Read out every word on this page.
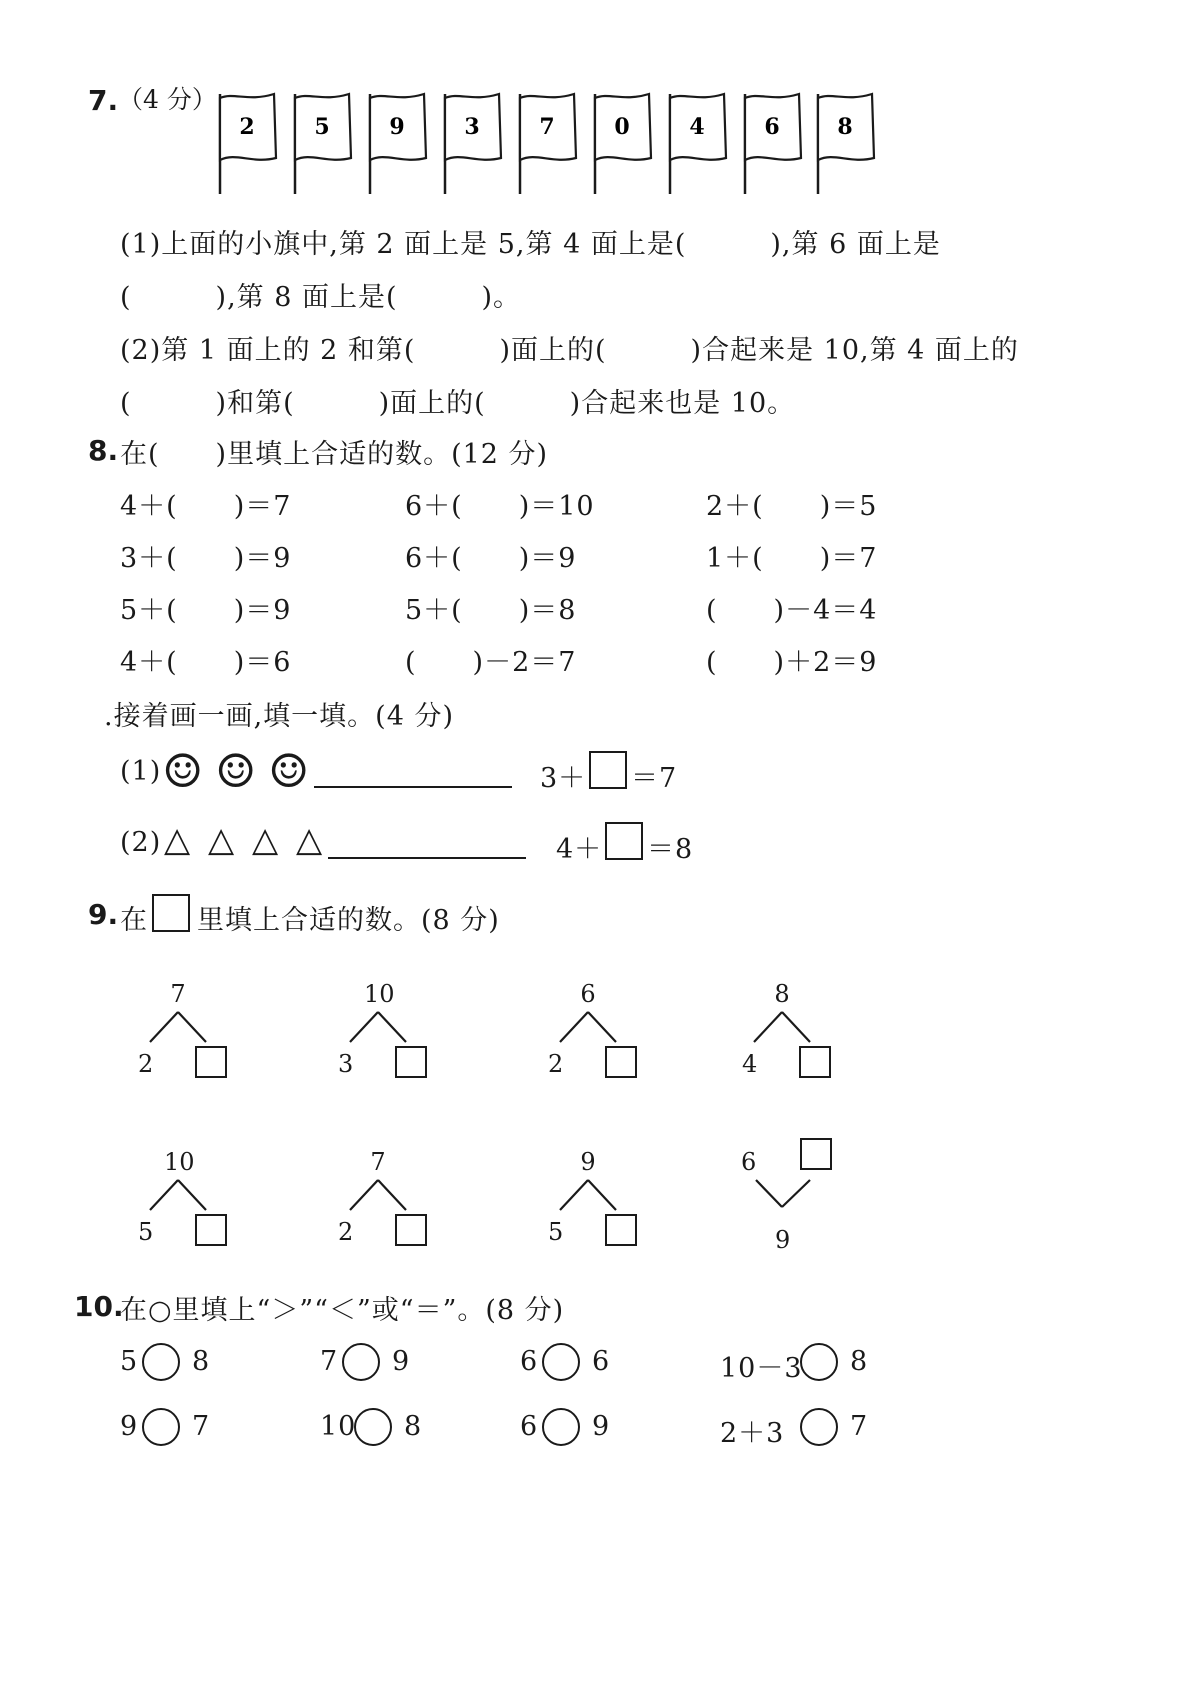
7. （4 分）
2	5	9	3	7	0	4	6	8
(1)上面的小旗中,第 2 面上是 5,第 4 面上是(　　　),第 6 面上是
(　　　),第 8 面上是(　　　)。
(2)第 1 面上的 2 和第(　　　)面上的(　　　)合起来是 10,第 4 面上的
(　　　)和第(　　　)面上的(　　　)合起来也是 10。
8. 在(　　)里填上合适的数。(12 分)
4＋(　　)＝7	6＋(　　)＝10	2＋(　　)＝5
3＋(　　)＝9	6＋(　　)＝9	1＋(　　)＝7
5＋(　　)＝9	5＋(　　)＝8	(　　)－4＝4
4＋(　　)＝6	(　　)－2＝7	(　　)＋2＝9
.接着画一画,填一填。(4 分)
(1) ☺ ☺ ☺	3＋ ＝7
(2) △ △ △ △	4＋ ＝8
9. 在 里填上合适的数。(8 分)
7
2
10
3
6
2
8
4
10
5
7
2
9
5
6
9
10.
在○里填上“＞”“＜”或“＝”。(8 分)
5 8	7 9	6 6	10－3 8
9 7	10 8	6 9	2＋3 7
